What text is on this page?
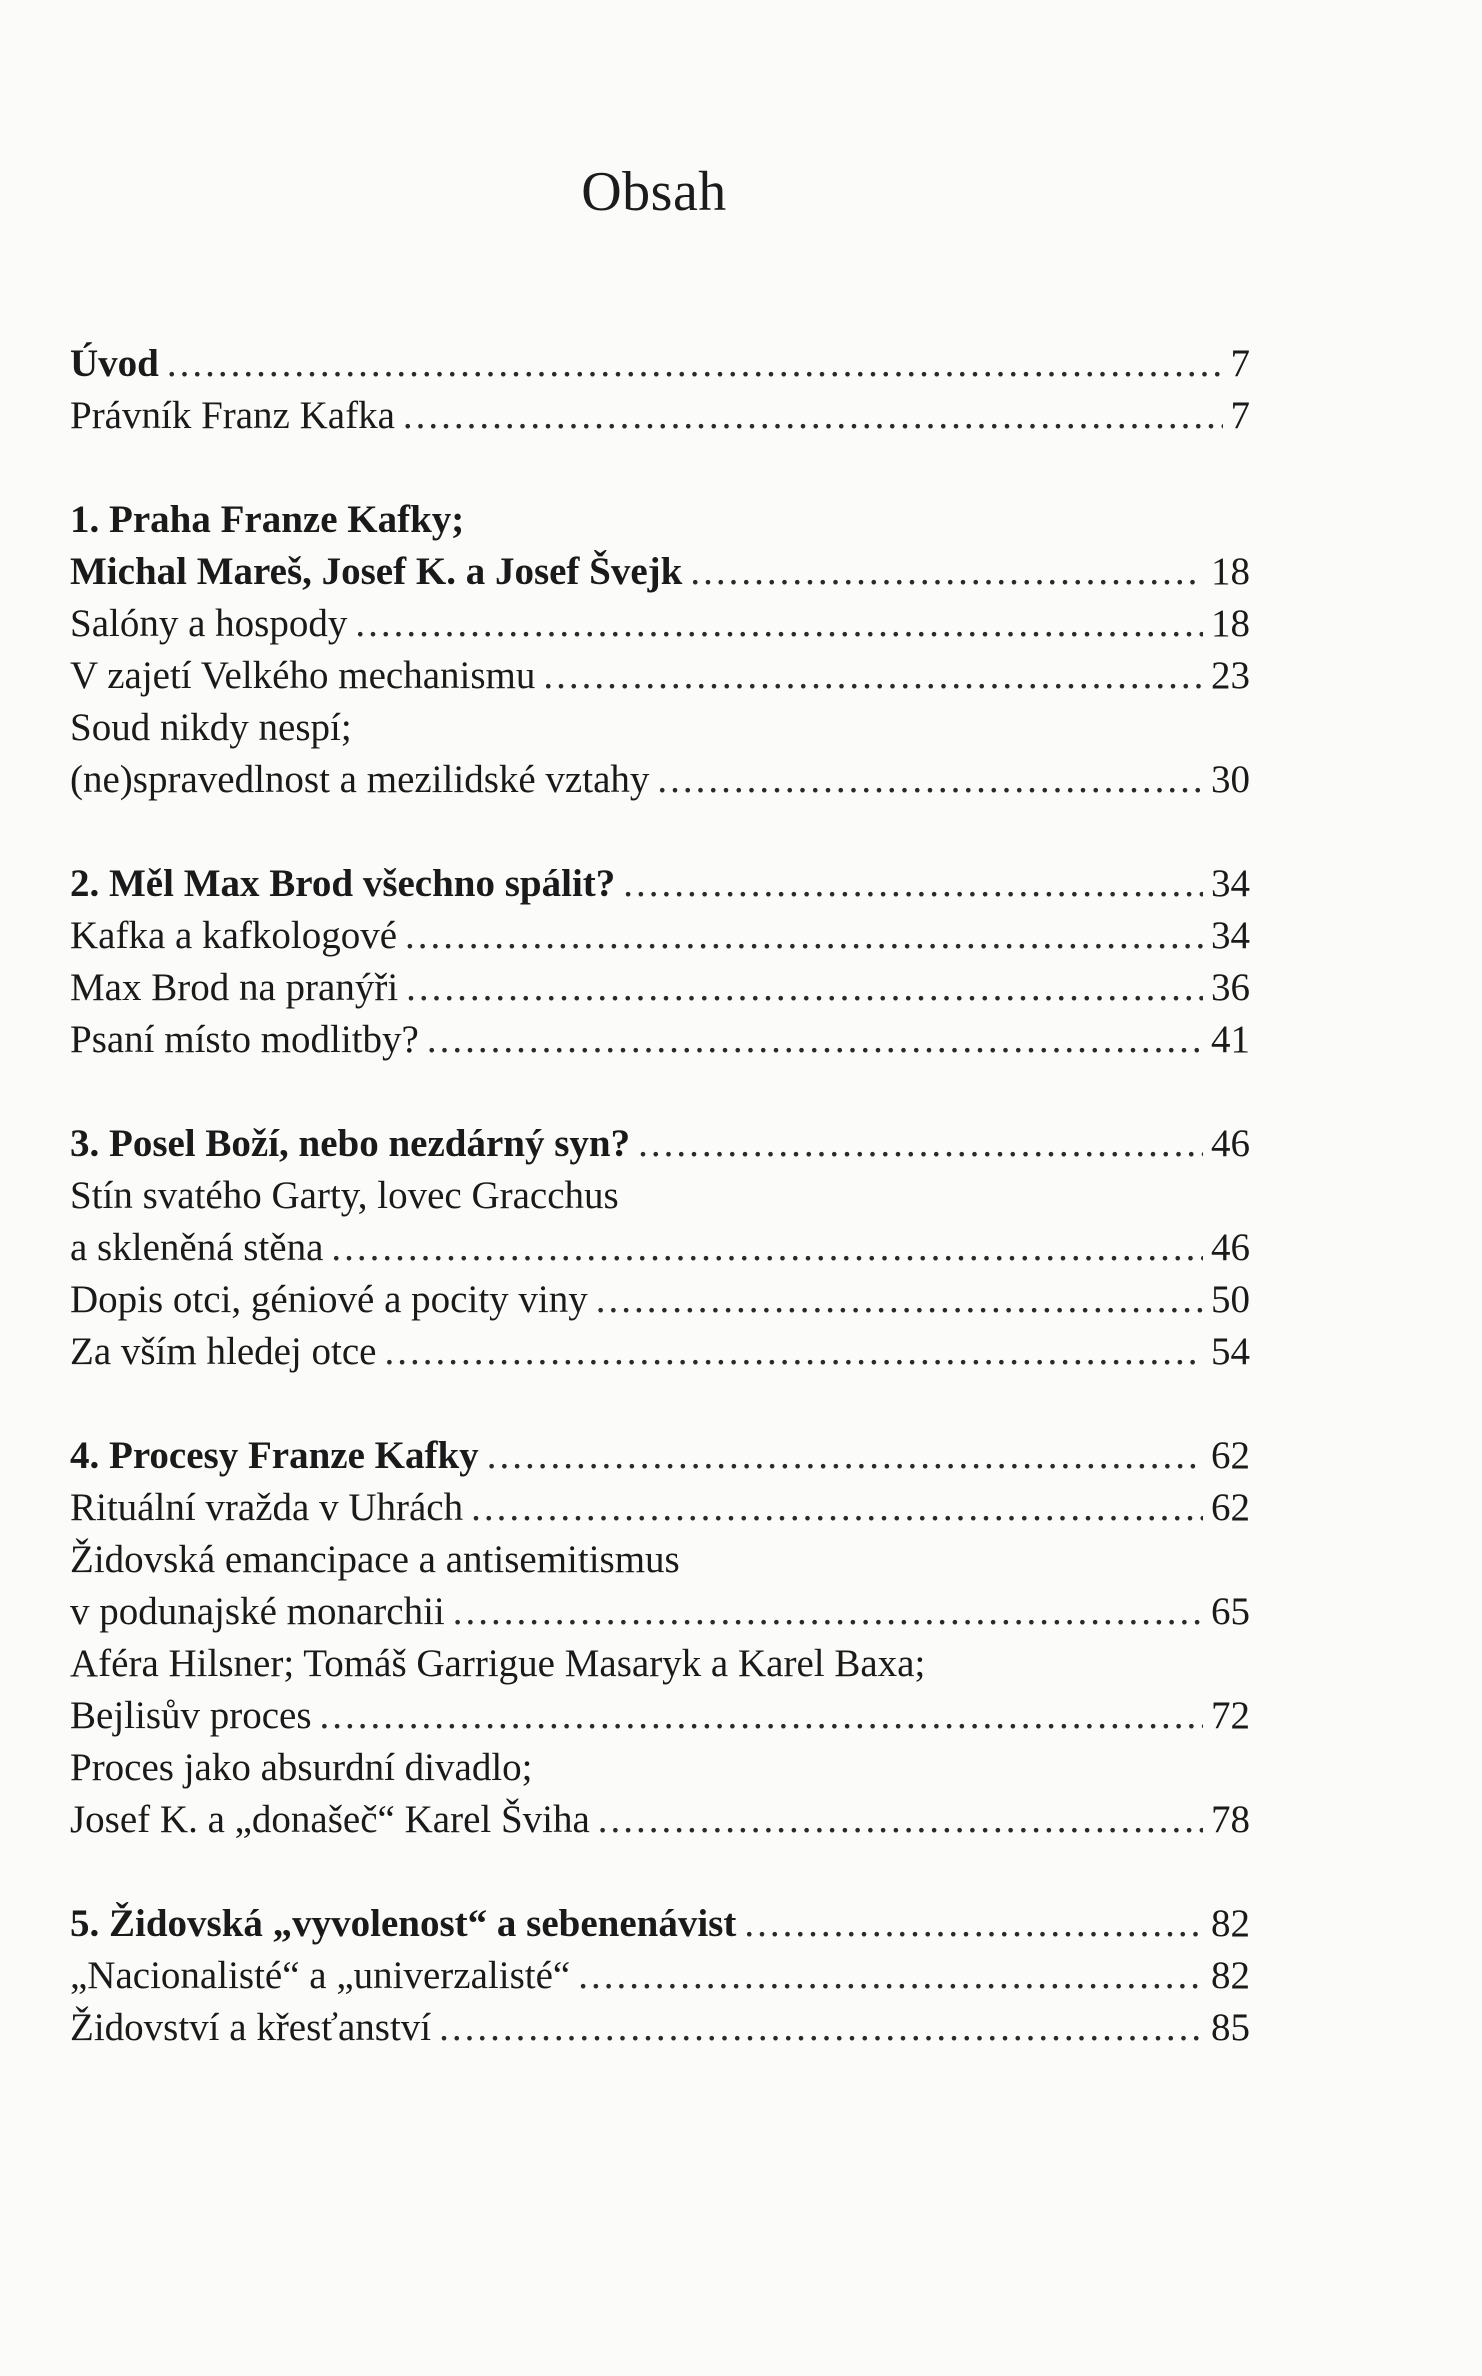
Obsah
Úvod .....	7
Právník Franz Kafka .....	7
1. Praha Franze Kafky;
Michal Mareš, Josef K. a Josef Švejk .....	18
Salóny a hospody .....	18
V zajetí Velkého mechanismu .....	23
Soud nikdy nespí;
(ne)spravedlnost a mezilidské vztahy .....	30
2. Měl Max Brod všechno spálit? .....	34
Kafka a kafkologové .....	34
Max Brod na pranýři .....	36
Psaní místo modlitby? .....	41
3. Posel Boží, nebo nezdárný syn? .....	46
Stín svatého Garty, lovec Gracchus
a skleněná stěna .....	46
Dopis otci, géniové a pocity viny .....	50
Za vším hledej otce .....	54
4. Procesy Franze Kafky .....	62
Rituální vražda v Uhrách .....	62
Židovská emancipace a antisemitismus
v podunajské monarchii .....	65
Aféra Hilsner; Tomáš Garrigue Masaryk a Karel Baxa;
Bejlisův proces .....	72
Proces jako absurdní divadlo;
Josef K. a „donašeč“ Karel Šviha .....	78
5. Židovská „vyvolenost“ a sebenenávist .....	82
„Nacionalisté“ a „univerzalisté“ .....	82
Židovství a křesťanství .....	85
